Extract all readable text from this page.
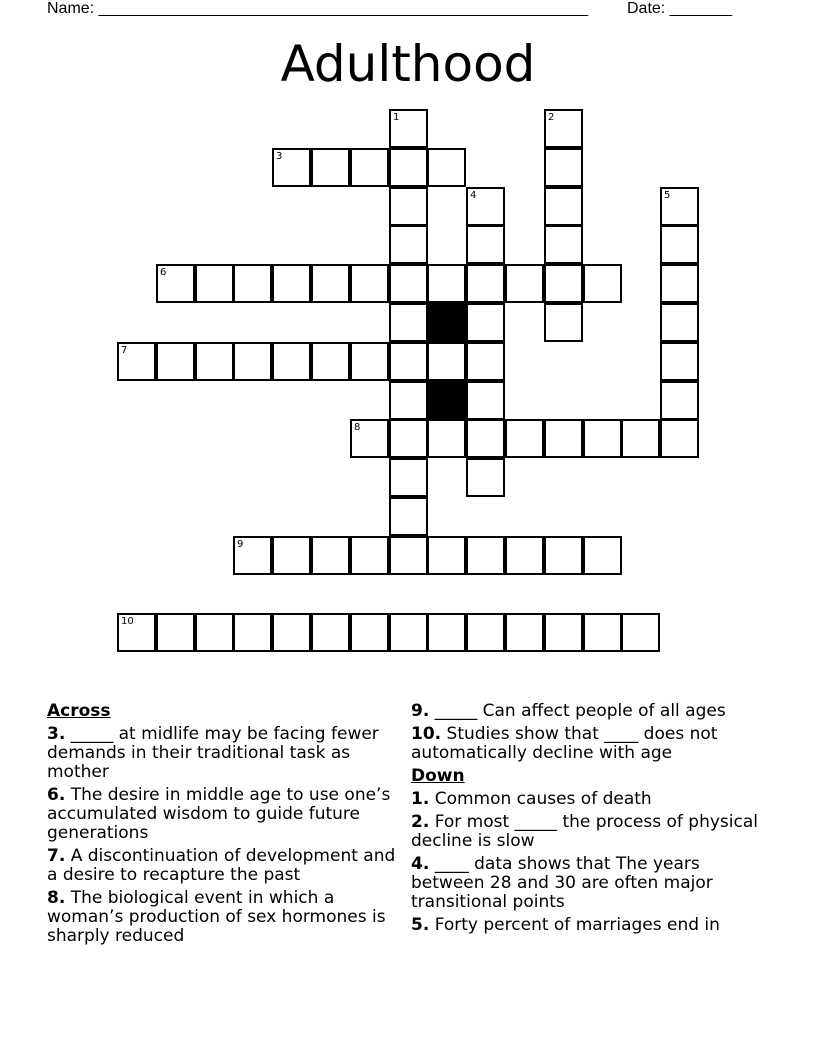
Name: _______________________________________________________ Date: _______
Adulthood
1	2
3
4	5
6
7
8
9
10
Across
3. _____ at midlife may be facing fewer demands in their traditional task as mother
6. The desire in middle age to use one’s accumulated wisdom to guide future generations
7. A discontinuation of development and a desire to recapture the past
8. The biological event in which a woman’s production of sex hormones is sharply reduced
9. _____ Can affect people of all ages
10. Studies show that ____ does not automatically decline with age
Down
1. Common causes of death
2. For most _____ the process of physical decline is slow
4. ____ data shows that The years between 28 and 30 are often major transitional points
5. Forty percent of marriages end in
